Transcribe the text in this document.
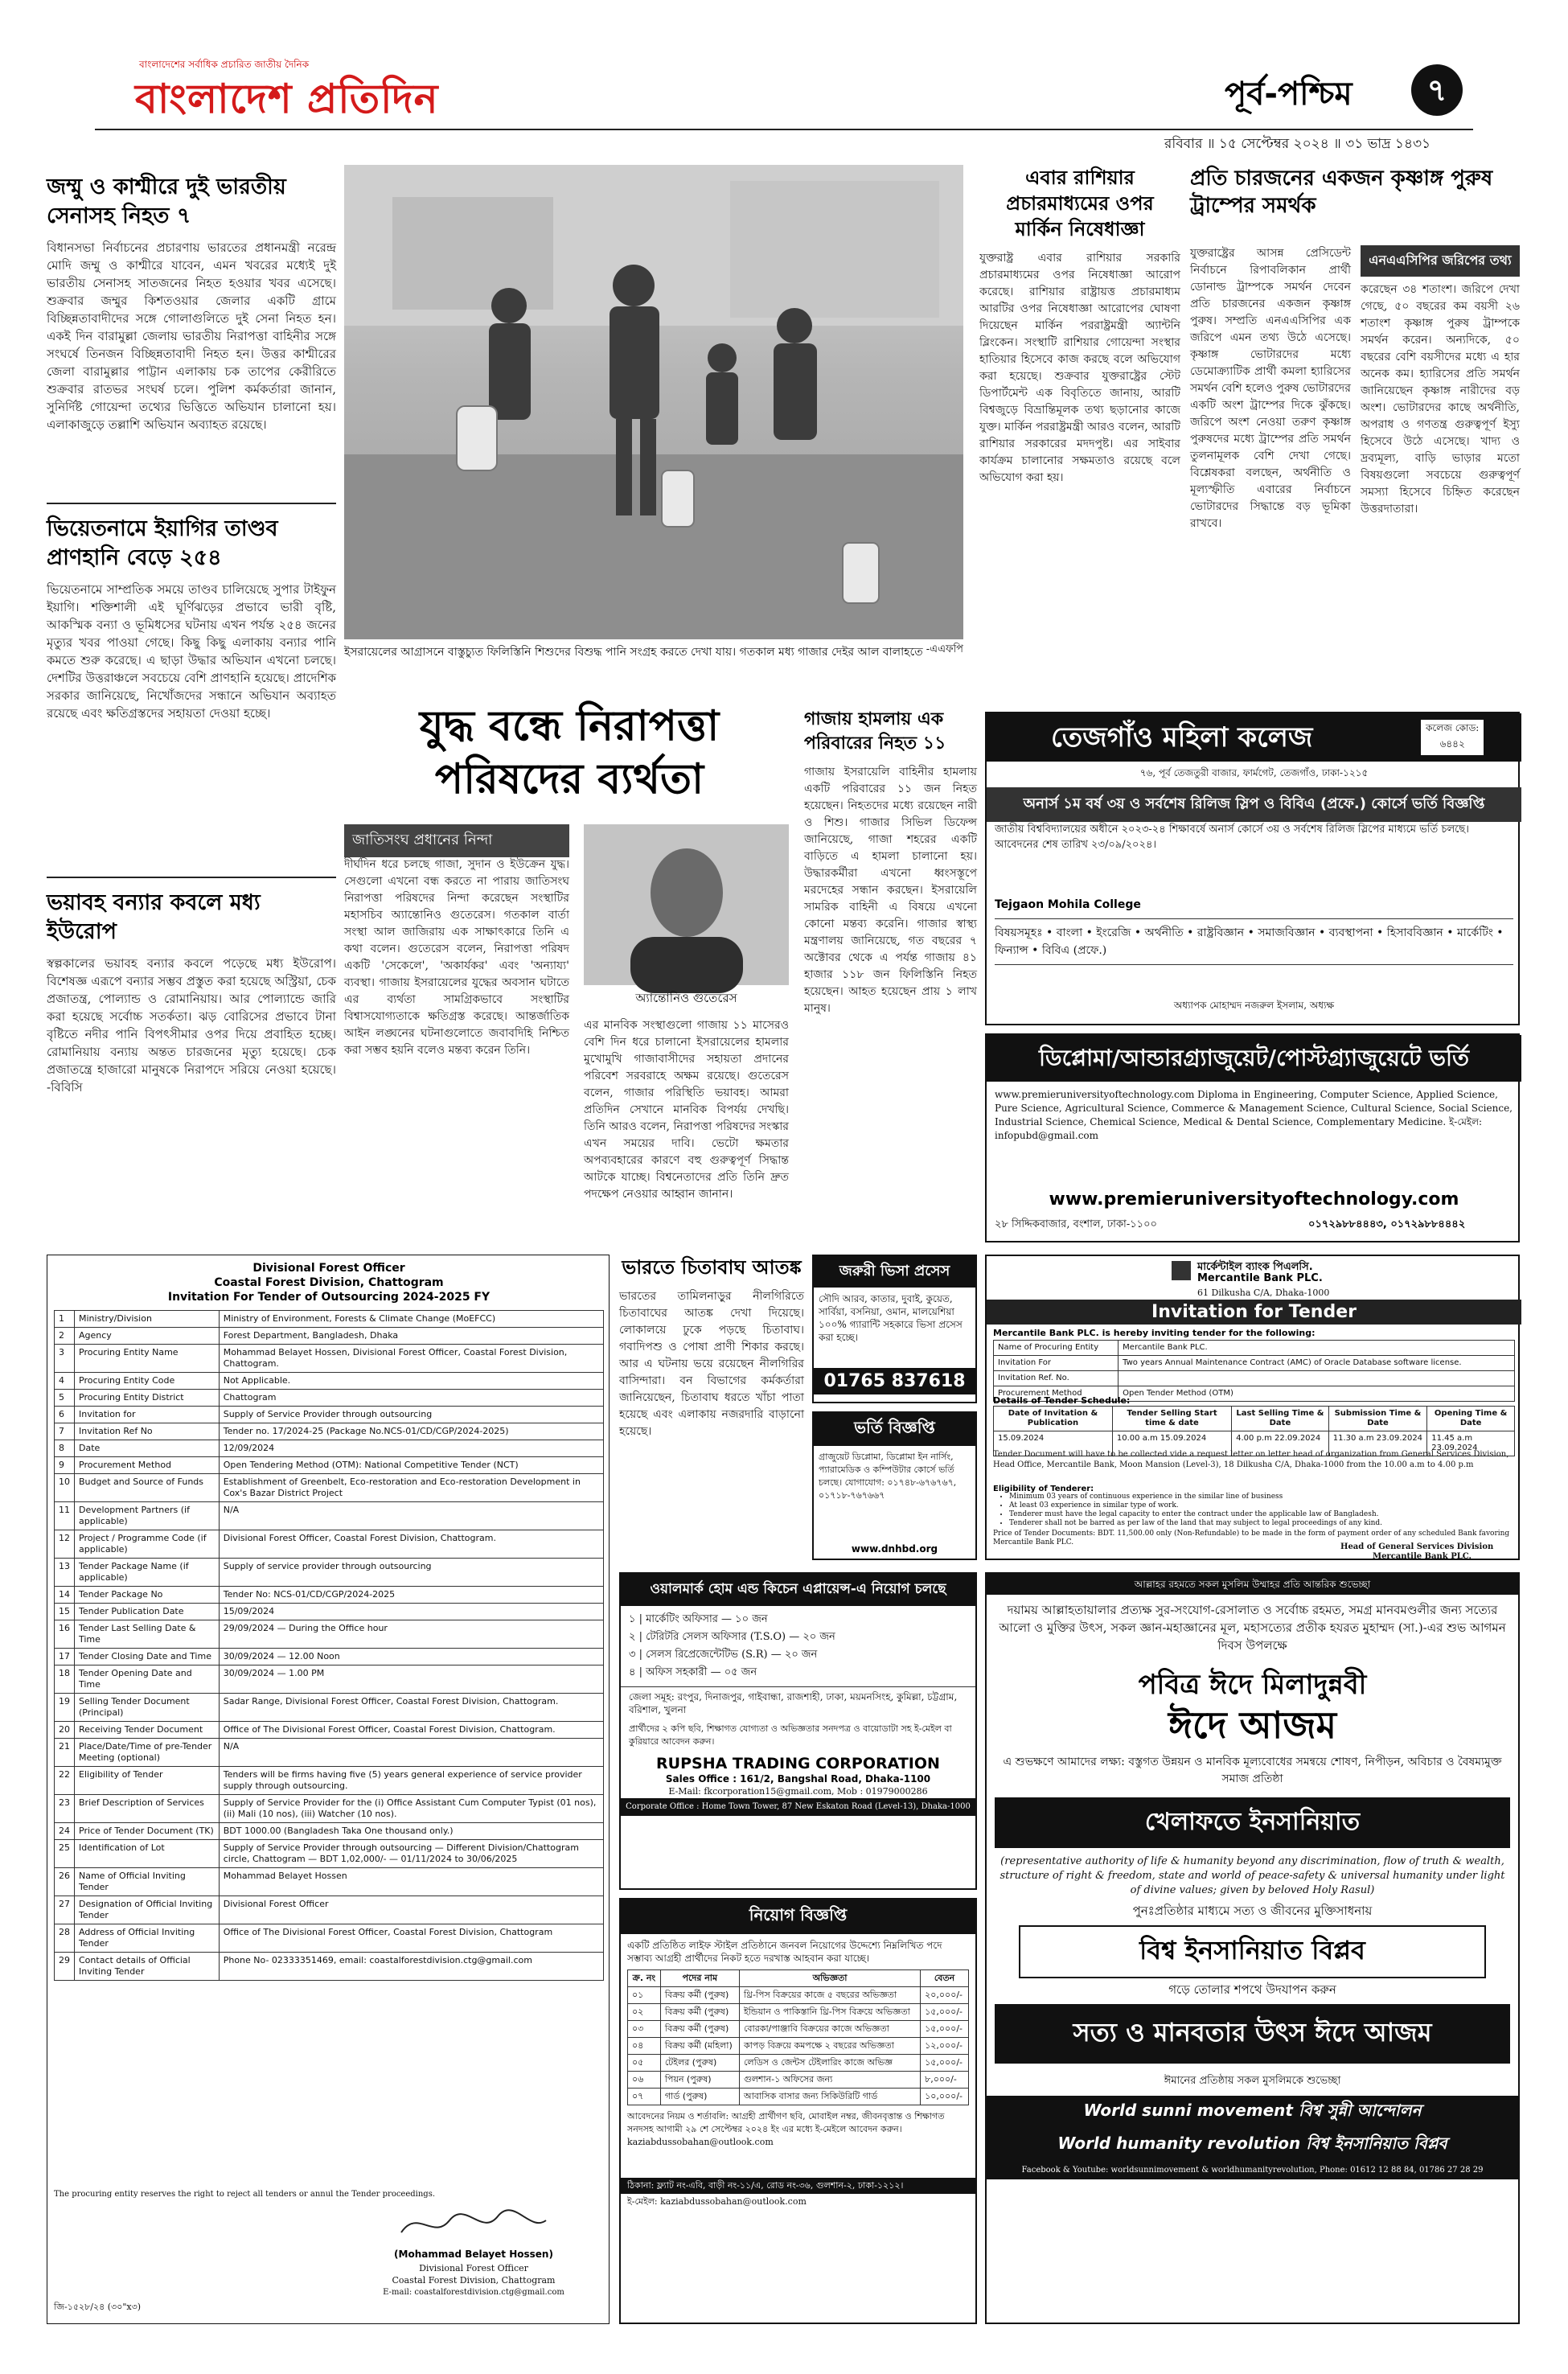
বাংলাদেশের সর্বাধিক প্রচারিত জাতীয় দৈনিক
বাংলাদেশ প্রতিদিন	পূর্ব-পশ্চিম	৭
রবিবার ॥ ১৫ সেপ্টেম্বর ২০২৪ ॥ ৩১ ভাদ্র ১৪৩১
জম্মু ও কাশ্মীরে দুই ভারতীয় সেনাসহ নিহত ৭
বিধানসভা নির্বাচনের প্রচারণায় ভারতের প্রধানমন্ত্রী নরেন্দ্র মোদি জম্মু ও কাশ্মীরে যাবেন, এমন খবরের মধ্যেই দুই ভারতীয় সেনাসহ সাতজনের নিহত হওয়ার খবর এসেছে। শুক্রবার জম্মুর কিশতওয়ার জেলার একটি গ্রামে বিচ্ছিন্নতাবাদীদের সঙ্গে গোলাগুলিতে দুই সেনা নিহত হন। একই দিন বারামুল্লা জেলায় ভারতীয় নিরাপত্তা বাহিনীর সঙ্গে সংঘর্ষে তিনজন বিচ্ছিন্নতাবাদী নিহত হন। উত্তর কাশ্মীরের জেলা বারামুল্লার পাট্টান এলাকায় চক তাপের কেরীরিতে শুক্রবার রাতভর সংঘর্ষ চলে। পুলিশ কর্মকর্তারা জানান, সুনির্দিষ্ট গোয়েন্দা তথ্যের ভিত্তিতে অভিযান চালানো হয়। এলাকাজুড়ে তল্লাশি অভিযান অব্যাহত রয়েছে।
ভিয়েতনামে ইয়াগির তাণ্ডব প্রাণহানি বেড়ে ২৫৪
ভিয়েতনামে সাম্প্রতিক সময়ে তাণ্ডব চালিয়েছে সুপার টাইফুন ইয়াগি। শক্তিশালী এই ঘূর্ণিঝড়ের প্রভাবে ভারী বৃষ্টি, আকস্মিক বন্যা ও ভূমিধসের ঘটনায় এখন পর্যন্ত ২৫৪ জনের মৃত্যুর খবর পাওয়া গেছে। কিছু কিছু এলাকায় বন্যার পানি কমতে শুরু করেছে। এ ছাড়া উদ্ধার অভিযান এখনো চলছে। দেশটির উত্তরাঞ্চলে সবচেয়ে বেশি প্রাণহানি হয়েছে। প্রাদেশিক সরকার জানিয়েছে, নিখোঁজদের সন্ধানে অভিযান অব্যাহত রয়েছে এবং ক্ষতিগ্রস্তদের সহায়তা দেওয়া হচ্ছে।
ভয়াবহ বন্যার কবলে মধ্য ইউরোপ
স্বল্পকালের ভয়াবহ বন্যার কবলে পড়েছে মধ্য ইউরোপ। বিশেষজ্ঞ এরূপে বন্যার সম্ভব প্রস্তুত করা হয়েছে অস্ট্রিয়া, চেক প্রজাতন্ত্র, পোল্যান্ড ও রোমানিয়ায়। আর পোল্যান্ডে জারি করা হয়েছে সর্বোচ্চ সতর্কতা। ঝড় বোরিসের প্রভাবে টানা বৃষ্টিতে নদীর পানি বিপৎসীমার ওপর দিয়ে প্রবাহিত হচ্ছে। রোমানিয়ায় বন্যায় অন্তত চারজনের মৃত্যু হয়েছে। চেক প্রজাতন্ত্রে হাজারো মানুষকে নিরাপদে সরিয়ে নেওয়া হয়েছে। -বিবিসি
ইসরায়েলের আগ্রাসনে বাস্তুচ্যুত ফিলিস্তিনি শিশুদের বিশুদ্ধ পানি সংগ্রহ করতে দেখা যায়। গতকাল মধ্য গাজার দেইর আল বালাহতে -এএফপি
এবার রাশিয়ার প্রচারমাধ্যমের ওপর মার্কিন নিষেধাজ্ঞা
যুক্তরাষ্ট্র এবার রাশিয়ার সরকারি প্রচারমাধ্যমের ওপর নিষেধাজ্ঞা আরোপ করেছে। রাশিয়ার রাষ্ট্রায়ত্ত প্রচারমাধ্যম আরটির ওপর নিষেধাজ্ঞা আরোপের ঘোষণা দিয়েছেন মার্কিন পররাষ্ট্রমন্ত্রী অ্যান্টনি ব্লিংকেন। সংস্থাটি রাশিয়ার গোয়েন্দা সংস্থার হাতিয়ার হিসেবে কাজ করছে বলে অভিযোগ করা হয়েছে। শুক্রবার যুক্তরাষ্ট্রের স্টেট ডিপার্টমেন্ট এক বিবৃতিতে জানায়, আরটি বিশ্বজুড়ে বিভ্রান্তিমূলক তথ্য ছড়ানোর কাজে যুক্ত। মার্কিন পররাষ্ট্রমন্ত্রী আরও বলেন, আরটি রাশিয়ার সরকারের মদদপুষ্ট। এর সাইবার কার্যক্রম চালানোর সক্ষমতাও রয়েছে বলে অভিযোগ করা হয়।
প্রতি চারজনের একজন কৃষ্ণাঙ্গ পুরুষ ট্রাম্পের সমর্থক
যুক্তরাষ্ট্রের আসন্ন প্রেসিডেন্ট নির্বাচনে রিপাবলিকান প্রার্থী ডোনাল্ড ট্রাম্পকে সমর্থন দেবেন প্রতি চারজনের একজন কৃষ্ণাঙ্গ পুরুষ। সম্প্রতি এনএএসিপির এক জরিপে এমন তথ্য উঠে এসেছে। কৃষ্ণাঙ্গ ভোটারদের মধ্যে ডেমোক্র্যাটিক প্রার্থী কমলা হ্যারিসের সমর্থন বেশি হলেও পুরুষ ভোটারদের একটি অংশ ট্রাম্পের দিকে ঝুঁকছে। জরিপে অংশ নেওয়া তরুণ কৃষ্ণাঙ্গ পুরুষদের মধ্যে ট্রাম্পের প্রতি সমর্থন তুলনামূলক বেশি দেখা গেছে। বিশ্লেষকরা বলছেন, অর্থনীতি ও মূল্যস্ফীতি এবারের নির্বাচনে ভোটারদের সিদ্ধান্তে বড় ভূমিকা রাখবে।
এনএএসিপির জরিপের তথ্য
করেছেন ৩৪ শতাংশ। জরিপে দেখা গেছে, ৫০ বছরের কম বয়সী ২৬ শতাংশ কৃষ্ণাঙ্গ পুরুষ ট্রাম্পকে সমর্থন করেন। অন্যদিকে, ৫০ বছরের বেশি বয়সীদের মধ্যে এ হার অনেক কম। হ্যারিসের প্রতি সমর্থন জানিয়েছেন কৃষ্ণাঙ্গ নারীদের বড় অংশ। ভোটারদের কাছে অর্থনীতি, অপরাধ ও গণতন্ত্র গুরুত্বপূর্ণ ইস্যু হিসেবে উঠে এসেছে। খাদ্য ও দ্রব্যমূল্য, বাড়ি ভাড়ার মতো বিষয়গুলো সবচেয়ে গুরুত্বপূর্ণ সমস্যা হিসেবে চিহ্নিত করেছেন উত্তরদাতারা।
যুদ্ধ বন্ধে নিরাপত্তা পরিষদের ব্যর্থতা
জাতিসংঘ প্রধানের নিন্দা
অ্যান্তোনিও গুতেরেস
দীর্ঘদিন ধরে চলছে গাজা, সুদান ও ইউক্রেন যুদ্ধ। সেগুলো এখনো বন্ধ করতে না পারায় জাতিসংঘ নিরাপত্তা পরিষদের নিন্দা করেছেন সংস্থাটির মহাসচিব অ্যান্তোনিও গুতেরেস। গতকাল বার্তা সংস্থা আল জাজিরায় এক সাক্ষাৎকারে তিনি এ কথা বলেন। গুতেরেস বলেন, নিরাপত্তা পরিষদ একটি 'সেকেলে', 'অকার্যকর' এবং 'অন্যায্য' ব্যবস্থা। গাজায় ইসরায়েলের যুদ্ধের অবসান ঘটাতে এর ব্যর্থতা সামগ্রিকভাবে সংস্থাটির বিশ্বাসযোগ্যতাকে ক্ষতিগ্রস্ত করেছে। আন্তর্জাতিক আইন লঙ্ঘনের ঘটনাগুলোতে জবাবদিহি নিশ্চিত করা সম্ভব হয়নি বলেও মন্তব্য করেন তিনি।
এর মানবিক সংস্থাগুলো গাজায় ১১ মাসেরও বেশি দিন ধরে চালানো ইসরায়েলের হামলার মুখোমুখি গাজাবাসীদের সহায়তা প্রদানের পরিবেশ সরবরাহে অক্ষম রয়েছে। গুতেরেস বলেন, গাজার পরিস্থিতি ভয়াবহ। আমরা প্রতিদিন সেখানে মানবিক বিপর্যয় দেখছি। তিনি আরও বলেন, নিরাপত্তা পরিষদের সংস্কার এখন সময়ের দাবি। ভেটো ক্ষমতার অপব্যবহারের কারণে বহু গুরুত্বপূর্ণ সিদ্ধান্ত আটকে যাচ্ছে। বিশ্বনেতাদের প্রতি তিনি দ্রুত পদক্ষেপ নেওয়ার আহ্বান জানান।
গাজায় হামলায় এক পরিবারের নিহত ১১
গাজায় ইসরায়েলি বাহিনীর হামলায় একটি পরিবারের ১১ জন নিহত হয়েছেন। নিহতদের মধ্যে রয়েছেন নারী ও শিশু। গাজার সিভিল ডিফেন্স জানিয়েছে, গাজা শহরের একটি বাড়িতে এ হামলা চালানো হয়। উদ্ধারকর্মীরা এখনো ধ্বংসস্তূপে মরদেহের সন্ধান করছেন। ইসরায়েলি সামরিক বাহিনী এ বিষয়ে এখনো কোনো মন্তব্য করেনি। গাজার স্বাস্থ্য মন্ত্রণালয় জানিয়েছে, গত বছরের ৭ অক্টোবর থেকে এ পর্যন্ত গাজায় ৪১ হাজার ১১৮ জন ফিলিস্তিনি নিহত হয়েছেন। আহত হয়েছেন প্রায় ১ লাখ মানুষ।
তেজগাঁও মহিলা কলেজ	কলেজ কোড:
৬৪৪২
৭৬, পূর্ব তেজতুরী বাজার, ফার্মগেট, তেজগাঁও, ঢাকা-১২১৫
অনার্স ১ম বর্ষ ৩য় ও সর্বশেষ রিলিজ স্লিপ ও বিবিএ (প্রফে.) কোর্সে ভর্তি বিজ্ঞপ্তি
জাতীয় বিশ্ববিদ্যালয়ের অধীনে ২০২৩-২৪ শিক্ষাবর্ষে অনার্স কোর্সে ৩য় ও সর্বশেষ রিলিজ স্লিপের মাধ্যমে ভর্তি চলছে। আবেদনের শেষ তারিখ ২৩/০৯/২০২৪।
Tejgaon Mohila College
বিষয়সমূহঃ • বাংলা • ইংরেজি • অর্থনীতি • রাষ্ট্রবিজ্ঞান • সমাজবিজ্ঞান • ব্যবস্থাপনা • হিসাববিজ্ঞান • মার্কেটিং • ফিন্যান্স • বিবিএ (প্রফে.)
অধ্যাপক মোহাম্মদ নজরুল ইসলাম, অধ্যক্ষ
ডিপ্লোমা/আন্ডারগ্র্যাজুয়েট/পোস্টগ্র্যাজুয়েটে ভর্তি
www.premieruniversityoftechnology.com Diploma in Engineering, Computer Science, Applied Science, Pure Science, Agricultural Science, Commerce & Management Science, Cultural Science, Social Science, Industrial Science, Chemical Science, Medical & Dental Science, Complementary Medicine. ই-মেইল: infopubd@gmail.com
www.premieruniversityoftechnology.com
২৮ সিদ্দিকবাজার, বংশাল, ঢাকা-১১০০	০১৭২৯৮৮৪৪৪৩, ০১৭২৯৮৮৪৪৪২
Divisional Forest Officer
Coastal Forest Division, Chattogram
Invitation For Tender of Outsourcing 2024-2025 FY
1	Ministry/Division	Ministry of Environment, Forests & Climate Change (MoEFCC)
2	Agency	Forest Department, Bangladesh, Dhaka
3	Procuring Entity Name	Mohammad Belayet Hossen, Divisional Forest Officer, Coastal Forest Division, Chattogram.
4	Procuring Entity Code	Not Applicable.
5	Procuring Entity District	Chattogram
6	Invitation for	Supply of Service Provider through outsourcing
7	Invitation Ref No	Tender no. 17/2024-25 (Package No.NCS-01/CD/CGP/2024-2025)
8	Date	12/09/2024
9	Procurement Method	Open Tendering Method (OTM): National Competitive Tender (NCT)
10	Budget and Source of Funds	Establishment of Greenbelt, Eco-restoration and Eco-restoration Development in Cox's Bazar District Project
11	Development Partners (if applicable)	N/A
12	Project / Programme Code (if applicable)	Divisional Forest Officer, Coastal Forest Division, Chattogram.
13	Tender Package Name (if applicable)	Supply of service provider through outsourcing
14	Tender Package No	Tender No: NCS-01/CD/CGP/2024-2025
15	Tender Publication Date	15/09/2024
16	Tender Last Selling Date & Time	29/09/2024 — During the Office hour
17	Tender Closing Date and Time	30/09/2024 — 12.00 Noon
18	Tender Opening Date and Time	30/09/2024 — 1.00 PM
19	Selling Tender Document (Principal)	Sadar Range, Divisional Forest Officer, Coastal Forest Division, Chattogram.
20	Receiving Tender Document	Office of The Divisional Forest Officer, Coastal Forest Division, Chattogram.
21	Place/Date/Time of pre-Tender Meeting (optional)	N/A
22	Eligibility of Tender	Tenders will be firms having five (5) years general experience of service provider supply through outsourcing.
23	Brief Description of Services	Supply of Service Provider for the (i) Office Assistant Cum Computer Typist (01 nos), (ii) Mali (10 nos), (iii) Watcher (10 nos).
24	Price of Tender Document (TK)	BDT 1000.00 (Bangladesh Taka One thousand only.)
25	Identification of Lot	Supply of Service Provider through outsourcing — Different Division/Chattogram circle, Chattogram — BDT 1,02,000/- — 01/11/2024 to 30/06/2025
26	Name of Official Inviting Tender	Mohammad Belayet Hossen
27	Designation of Official Inviting Tender	Divisional Forest Officer
28	Address of Official Inviting Tender	Office of The Divisional Forest Officer, Coastal Forest Division, Chattogram
29	Contact details of Official Inviting Tender	Phone No- 02333351469, email: coastalforestdivision.ctg@gmail.com
The procuring entity reserves the right to reject all tenders or annul the Tender proceedings.
(Mohammad Belayet Hossen)
Divisional Forest Officer
Coastal Forest Division, Chattogram
E-mail: coastalforestdivision.ctg@gmail.com
জি-১৫২৮/২৪ (৩০"x৩)
ভারতে চিতাবাঘ আতঙ্ক
ভারতের তামিলনাড়ুর নীলগিরিতে চিতাবাঘের আতঙ্ক দেখা দিয়েছে। লোকালয়ে ঢুকে পড়ছে চিতাবাঘ। গবাদিপশু ও পোষা প্রাণী শিকার করছে। আর এ ঘটনায় ভয়ে রয়েছেন নীলগিরির বাসিন্দারা। বন বিভাগের কর্মকর্তারা জানিয়েছেন, চিতাবাঘ ধরতে খাঁচা পাতা হয়েছে এবং এলাকায় নজরদারি বাড়ানো হয়েছে।
জরুরী ভিসা প্রসেস
সৌদি আরব, কাতার, দুবাই, কুয়েত, সার্বিয়া, বসনিয়া, ওমান, মালয়েশিয়া ১০০% গ্যারান্টি সহকারে ভিসা প্রসেস করা হচ্ছে।
01765 837618
ভর্তি বিজ্ঞপ্তি
গ্রাজুয়েট ডিপ্লোমা, ডিপ্লোমা ইন নার্সিং, প্যারামেডিক ও কম্পিউটার কোর্সে ভর্তি চলছে। যোগাযোগ: ০১৭৪৮-৬৭৬৭৬৭, ০১৭১৮-৭৬৭৬৬৭
www.dnhbd.org
মার্কেন্টাইল ব্যাংক পিএলসি.
Mercantile Bank PLC.
61 Dilkusha C/A, Dhaka-1000
Invitation for Tender
Mercantile Bank PLC. is hereby inviting tender for the following:
Name of Procuring Entity	Mercantile Bank PLC.
Invitation For	Two years Annual Maintenance Contract (AMC) of Oracle Database software license.
Invitation Ref. No.	
Procurement Method	Open Tender Method (OTM)
Details of Tender Schedule:
Date of Invitation & Publication	Tender Selling Start time & date	Last Selling Time & Date	Submission Time & Date	Opening Time & Date
15.09.2024	10.00 a.m 15.09.2024	4.00 p.m 22.09.2024	11.30 a.m 23.09.2024	11.45 a.m 23.09.2024
Tender Document will have to be collected vide a request letter on letter head of organization from General Services Division, Head Office, Mercantile Bank, Moon Mansion (Level-3), 18 Dilkusha C/A, Dhaka-1000 from the 10.00 a.m to 4.00 p.m
Eligibility of Tenderer:
• Minimum 03 years of continuous experience in the similar line of business
• At least 03 experience in similar type of work.
• Tenderer must have the legal capacity to enter the contract under the applicable law of Bangladesh.
• Tenderer shall not be barred as per law of the land that may subject to legal proceedings of any kind.
Price of Tender Documents: BDT. 11,500.00 only (Non-Refundable) to be made in the form of payment order of any scheduled Bank favoring Mercantile Bank PLC.	Head of General Services Division
Mercantile Bank PLC.
ওয়ালমার্ক হোম এন্ড কিচেন এপ্লায়েন্স-এ নিয়োগ চলছে
১ | মার্কেটিং অফিসার — ১০ জন
২ | টেরিটরি সেলস অফিসার (T.S.O) — ২০ জন
৩ | সেলস রিপ্রেজেন্টেটিভ (S.R) — ২০ জন
৪ | অফিস সহকারী — ০৫ জন
জেলা সমূহ: রংপুর, দিনাজপুর, গাইবান্ধা, রাজশাহী, ঢাকা, ময়মনসিংহ, কুমিল্লা, চট্টগ্রাম, বরিশাল, খুলনা
প্রার্থীদের ২ কপি ছবি, শিক্ষাগত যোগ্যতা ও অভিজ্ঞতার সনদপত্র ও বায়োডাটা সহ ই-মেইল বা কুরিয়ারে আবেদন করুন।
RUPSHA TRADING CORPORATION
Sales Office : 161/2, Bangshal Road, Dhaka-1100
E-Mail: fkcorporation15@gmail.com, Mob : 01979000286
Corporate Office : Home Town Tower, 87 New Eskaton Road (Level-13), Dhaka-1000
নিয়োগ বিজ্ঞপ্তি
একটি প্রতিষ্ঠিত লাইফ স্টাইল প্রতিষ্ঠানে জনবল নিয়োগের উদ্দেশ্যে নিম্নলিখিত পদে সম্ভাব্য আগ্রহী প্রার্থীদের নিকট হতে দরখাস্ত আহবান করা যাচ্ছে।
ক্র. নং	পদের নাম	অভিজ্ঞতা	বেতন
০১	বিক্রয় কর্মী (পুরুষ)	থ্রি-পিস বিক্রয়ের কাজে ৫ বছরের অভিজ্ঞতা	২০,০০০/-
০২	বিক্রয় কর্মী (পুরুষ)	ইন্ডিয়ান ও পাকিস্তানি থ্রি-পিস বিক্রয়ে অভিজ্ঞতা	১৫,০০০/-
০৩	বিক্রয় কর্মী (পুরুষ)	বোরকা/পাঞ্জাবি বিক্রয়ের কাজে অভিজ্ঞতা	১৫,০০০/-
০৪	বিক্রয় কর্মী (মহিলা)	কাপড় বিক্রয়ে কমপক্ষে ২ বছরের অভিজ্ঞতা	১২,০০০/-
০৫	টেইলর (পুরুষ)	লেডিস ও জেন্টস টেইলারিং কাজে অভিজ্ঞ	১৫,০০০/-
০৬	পিয়ন (পুরুষ)	গুলশান-১ অফিসের জন্য	৮,০০০/-
০৭	গার্ড (পুরুষ)	আবাসিক বাসার জন্য সিকিউরিটি গার্ড	১০,০০০/-
আবেদনের নিয়ম ও শর্তাবলি: আগ্রহী প্রার্থীগণ ছবি, মোবাইল নম্বর, জীবনবৃত্তান্ত ও শিক্ষাগত সনদসহ আগামী ২৯ শে সেপ্টেম্বর ২০২৪ ইং এর মধ্যে ই-মেইলে আবেদন করুন। kaziabdussobahan@outlook.com
ঠিকানা: ফ্ল্যাট নং-এবি, বাড়ী নং-১১/এ, রোড নং-৩৬, গুলশান-২, ঢাকা-১২১২।
ই-মেইল: kaziabdussobahan@outlook.com
আল্লাহর রহমতে সকল মুসলিম উম্মাহর প্রতি আন্তরিক শুভেচ্ছা
দয়াময় আল্লাহতায়ালার প্রত্যক্ষ সুর-সংযোগ-রেসালাত ও সর্বোচ্চ রহমত, সমগ্র মানবমণ্ডলীর জন্য সত্যের আলো ও মুক্তির উৎস, সকল জ্ঞান-মহাজ্ঞানের মূল, মহাসত্যের প্রতীক হযরত মুহাম্মদ (সা.)-এর শুভ আগমন দিবস উপলক্ষে
পবিত্র ঈদে মিলাদুন্নবী
ঈদে আজম
এ শুভক্ষণে আমাদের লক্ষ্য: বস্তুগত উন্নয়ন ও মানবিক মূল্যবোধের সমন্বয়ে শোষণ, নিপীড়ন, অবিচার ও বৈষম্যমুক্ত সমাজ প্রতিষ্ঠা
খেলাফতে ইনসানিয়াত
(representative authority of life & humanity beyond any discrimination, flow of truth & wealth, structure of right & freedom, state and world of peace-safety & universal humanity under light of divine values; given by beloved Holy Rasul)
পুনঃপ্রতিষ্ঠার মাধ্যমে সত্য ও জীবনের মুক্তিসাধনায়
বিশ্ব ইনসানিয়াত বিপ্লব
গড়ে তোলার শপথে উদযাপন করুন
সত্য ও মানবতার উৎস ঈদে আজম
ঈমানের প্রতিষ্ঠায় সকল মুসলিমকে শুভেচ্ছা
World sunni movement বিশ্ব সুন্নী আন্দোলন
World humanity revolution বিশ্ব ইনসানিয়াত বিপ্লব
Facebook & Youtube: worldsunnimovement & worldhumanityrevolution, Phone: 01612 12 88 84, 01786 27 28 29
